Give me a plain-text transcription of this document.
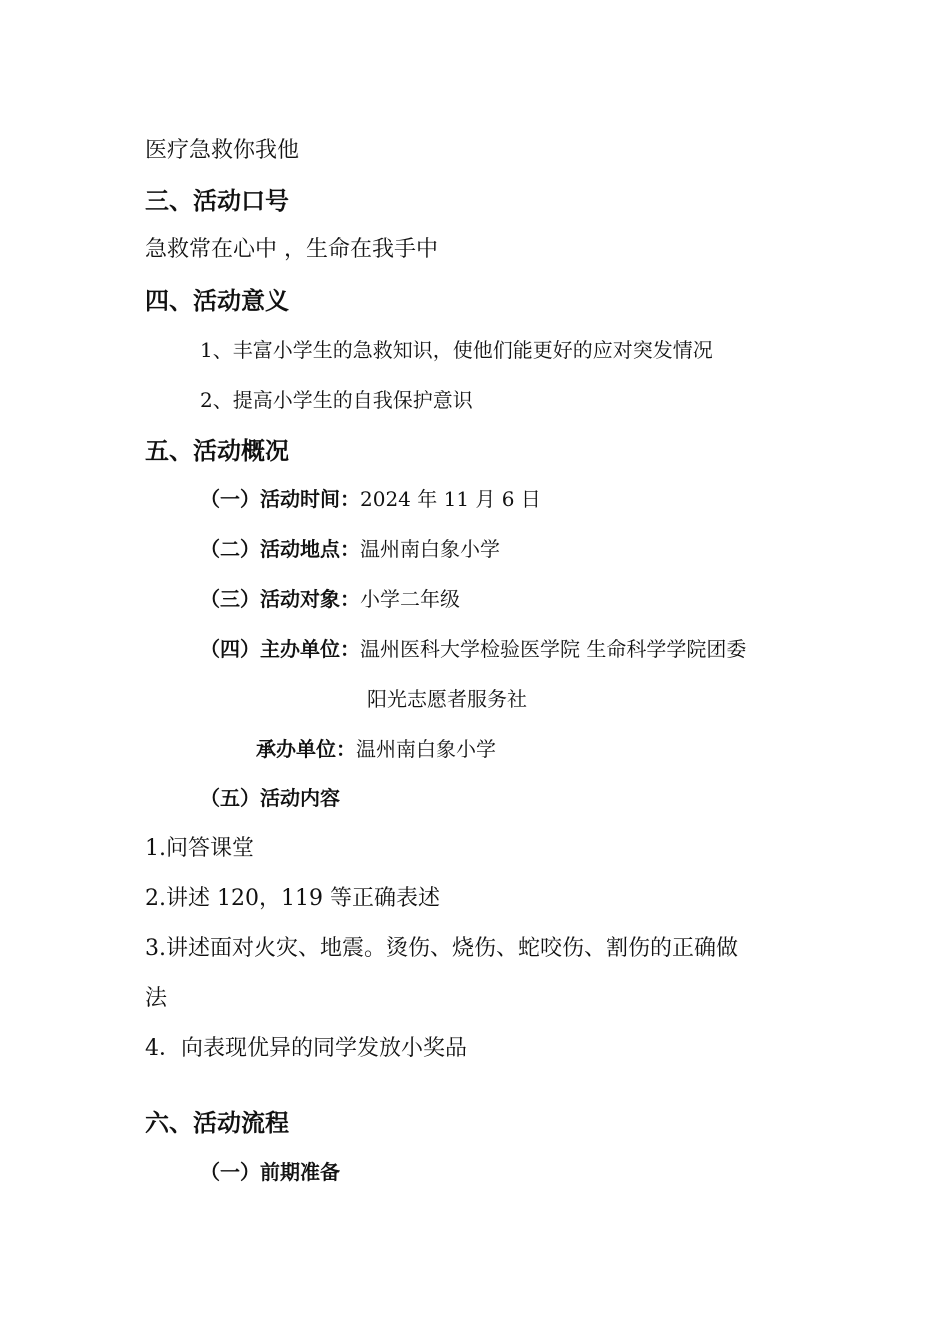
医疗急救你我他
三、活动口号
急救常在心中 ，生命在我手中
四、活动意义
1、丰富小学生的急救知识，使他们能更好的应对突发情况
2、提高小学生的自我保护意识
五、活动概况
（一）活动时间：2024 年 11 月 6 日
（二）活动地点：温州南白象小学
（三）活动对象：小学二年级
（四）主办单位：温州医科大学检验医学院 生命科学学院团委
阳光志愿者服务社
承办单位：温州南白象小学
（五）活动内容
1.问答课堂
2.讲述 120，119 等正确表述
3.讲述面对火灾、地震。烫伤、烧伤、蛇咬伤、割伤的正确做
法
4．向表现优异的同学发放小奖品
六、活动流程
（一）前期准备
